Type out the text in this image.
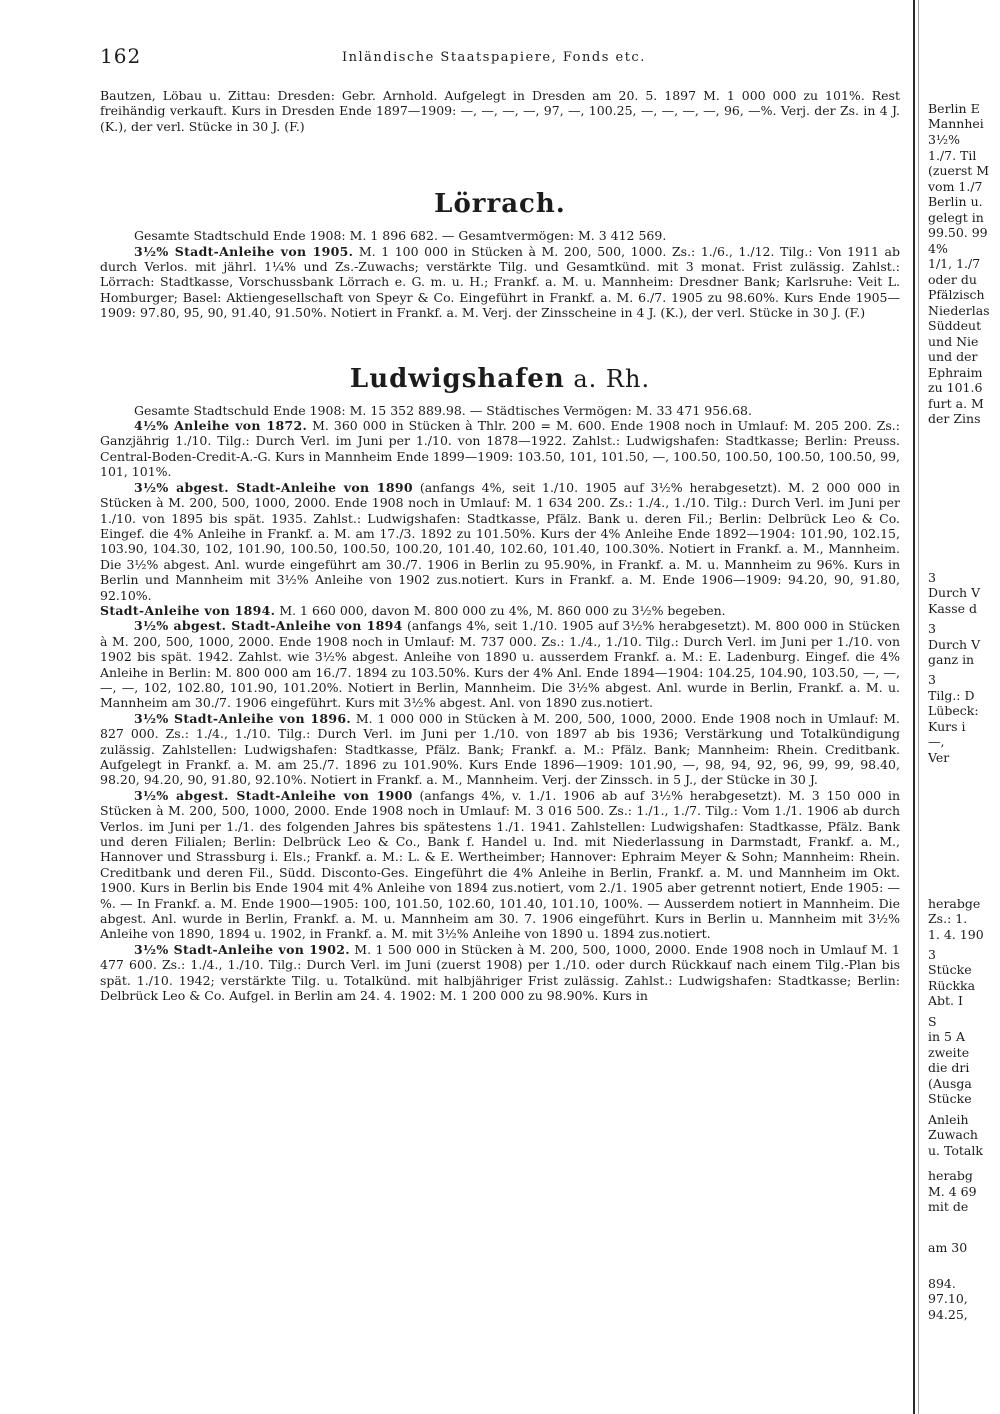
162	Inländische Staatspapiere, Fonds etc.

Bautzen, Löbau u. Zittau: Dresden: Gebr. Arnhold. Aufgelegt in Dresden am 20. 5. 1897 M. 1 000 000 zu 101%. Rest freihändig verkauft. Kurs in Dresden Ende 1897—1909: —, —, —, —, 97, —, 100.25, —, —, —, —, 96, —%. Verj. der Zs. in 4 J. (K.), der verl. Stücke in 30 J. (F.)

Lörrach.

Gesamte Stadtschuld Ende 1908: M. 1 896 682. — Gesamtvermögen: M. 3 412 569.

3½% Stadt-Anleihe von 1905. M. 1 100 000 in Stücken à M. 200, 500, 1000. Zs.: 1./6., 1./12. Tilg.: Von 1911 ab durch Verlos. mit jährl. 1¼% und Zs.-Zuwachs; verstärkte Tilg. und Gesamtkünd. mit 3 monat. Frist zulässig. Zahlst.: Lörrach: Stadtkasse, Vorschussbank Lörrach e. G. m. u. H.; Frankf. a. M. u. Mannheim: Dresdner Bank; Karlsruhe: Veit L. Homburger; Basel: Aktiengesellschaft von Speyr & Co. Eingeführt in Frankf. a. M. 6./7. 1905 zu 98.60%. Kurs Ende 1905—1909: 97.80, 95, 90, 91.40, 91.50%. Notiert in Frankf. a. M. Verj. der Zinsscheine in 4 J. (K.), der verl. Stücke in 30 J. (F.)

Ludwigshafen a. Rh.

Gesamte Stadtschuld Ende 1908: M. 15 352 889.98. — Städtisches Vermögen: M. 33 471 956.68.

4½% Anleihe von 1872. M. 360 000 in Stücken à Thlr. 200 = M. 600. Ende 1908 noch in Umlauf: M. 205 200. Zs.: Ganzjährig 1./10. Tilg.: Durch Verl. im Juni per 1./10. von 1878—1922. Zahlst.: Ludwigshafen: Stadtkasse; Berlin: Preuss. Central-Boden-Credit-A.-G. Kurs in Mannheim Ende 1899—1909: 103.50, 101, 101.50, —, 100.50, 100.50, 100.50, 100.50, 99, 101, 101%.

3½% abgest. Stadt-Anleihe von 1890 (anfangs 4%, seit 1./10. 1905 auf 3½% herabgesetzt). M. 2 000 000 in Stücken à M. 200, 500, 1000, 2000. Ende 1908 noch in Umlauf: M. 1 634 200. Zs.: 1./4., 1./10. Tilg.: Durch Verl. im Juni per 1./10. von 1895 bis spät. 1935. Zahlst.: Ludwigshafen: Stadtkasse, Pfälz. Bank u. deren Fil.; Berlin: Delbrück Leo & Co. Eingef. die 4% Anleihe in Frankf. a. M. am 17./3. 1892 zu 101.50%. Kurs der 4% Anleihe Ende 1892—1904: 101.90, 102.15, 103.90, 104.30, 102, 101.90, 100.50, 100.50, 100.20, 101.40, 102.60, 101.40, 100.30%. Notiert in Frankf. a. M., Mannheim. Die 3½% abgest. Anl. wurde eingeführt am 30./7. 1906 in Berlin zu 95.90%, in Frankf. a. M. u. Mannheim zu 96%. Kurs in Berlin und Mannheim mit 3½% Anleihe von 1902 zus.notiert. Kurs in Frankf. a. M. Ende 1906—1909: 94.20, 90, 91.80, 92.10%.

Stadt-Anleihe von 1894. M. 1 660 000, davon M. 800 000 zu 4%, M. 860 000 zu 3½% begeben.

3½% abgest. Stadt-Anleihe von 1894 (anfangs 4%, seit 1./10. 1905 auf 3½% herabgesetzt). M. 800 000 in Stücken à M. 200, 500, 1000, 2000. Ende 1908 noch in Umlauf: M. 737 000. Zs.: 1./4., 1./10. Tilg.: Durch Verl. im Juni per 1./10. von 1902 bis spät. 1942. Zahlst. wie 3½% abgest. Anleihe von 1890 u. ausserdem Frankf. a. M.: E. Ladenburg. Eingef. die 4% Anleihe in Berlin: M. 800 000 am 16./7. 1894 zu 103.50%. Kurs der 4% Anl. Ende 1894—1904: 104.25, 104.90, 103.50, —, —, —, —, 102, 102.80, 101.90, 101.20%. Notiert in Berlin, Mannheim. Die 3½% abgest. Anl. wurde in Berlin, Frankf. a. M. u. Mannheim am 30./7. 1906 eingeführt. Kurs mit 3½% abgest. Anl. von 1890 zus.notiert.

3½% Stadt-Anleihe von 1896. M. 1 000 000 in Stücken à M. 200, 500, 1000, 2000. Ende 1908 noch in Umlauf: M. 827 000. Zs.: 1./4., 1./10. Tilg.: Durch Verl. im Juni per 1./10. von 1897 ab bis 1936; Verstärkung und Totalkündigung zulässig. Zahlstellen: Ludwigshafen: Stadtkasse, Pfälz. Bank; Frankf. a. M.: Pfälz. Bank; Mannheim: Rhein. Creditbank. Aufgelegt in Frankf. a. M. am 25./7. 1896 zu 101.90%. Kurs Ende 1896—1909: 101.90, —, 98, 94, 92, 96, 99, 99, 98.40, 98.20, 94.20, 90, 91.80, 92.10%. Notiert in Frankf. a. M., Mannheim. Verj. der Zinssch. in 5 J., der Stücke in 30 J.

3½% abgest. Stadt-Anleihe von 1900 (anfangs 4%, v. 1./1. 1906 ab auf 3½% herabgesetzt). M. 3 150 000 in Stücken à M. 200, 500, 1000, 2000. Ende 1908 noch in Umlauf: M. 3 016 500. Zs.: 1./1., 1./7. Tilg.: Vom 1./1. 1906 ab durch Verlos. im Juni per 1./1. des folgenden Jahres bis spätestens 1./1. 1941. Zahlstellen: Ludwigshafen: Stadtkasse, Pfälz. Bank und deren Filialen; Berlin: Delbrück Leo & Co., Bank f. Handel u. Ind. mit Niederlassung in Darmstadt, Frankf. a. M., Hannover und Strassburg i. Els.; Frankf. a. M.: L. & E. Wertheimber; Hannover: Ephraim Meyer & Sohn; Mannheim: Rhein. Creditbank und deren Fil., Südd. Disconto-Ges. Eingeführt die 4% Anleihe in Berlin, Frankf. a. M. und Mannheim im Okt. 1900. Kurs in Berlin bis Ende 1904 mit 4% Anleihe von 1894 zus.notiert, vom 2./1. 1905 aber getrennt notiert, Ende 1905: — %. — In Frankf. a. M. Ende 1900—1905: 100, 101.50, 102.60, 101.40, 101.10, 100%. — Ausserdem notiert in Mannheim. Die abgest. Anl. wurde in Berlin, Frankf. a. M. u. Mannheim am 30. 7. 1906 eingeführt. Kurs in Berlin u. Mannheim mit 3½% Anleihe von 1890, 1894 u. 1902, in Frankf. a. M. mit 3½% Anleihe von 1890 u. 1894 zus.notiert.

3½% Stadt-Anleihe von 1902. M. 1 500 000 in Stücken à M. 200, 500, 1000, 2000. Ende 1908 noch in Umlauf M. 1 477 600. Zs.: 1./4., 1./10. Tilg.: Durch Verl. im Juni (zuerst 1908) per 1./10. oder durch Rückkauf nach einem Tilg.-Plan bis spät. 1./10. 1942; verstärkte Tilg. u. Totalkünd. mit halbjähriger Frist zulässig. Zahlst.: Ludwigshafen: Stadtkasse; Berlin: Delbrück Leo & Co. Aufgel. in Berlin am 24. 4. 1902: M. 1 200 000 zu 98.90%. Kurs in

Berlin E
Mannhei
3½%
1./7. Til
(zuerst M
vom 1./7
Berlin u.
gelegt in
99.50. 99
4%
1/1, 1./7
oder du
Pfälzisch
Niederlas
Süddeut
und Nie
und der
Ephraim
zu 101.6
furt a. M
der Zins
3
Durch V
Kasse d
3
Durch V
ganz in
3
Tilg.: D
Lübeck:
Kurs i
—,
Ver
herabge
Zs.: 1.
1. 4. 190
3
Stücke
Rückka
Abt. I
S
in 5 A
zweite
die dri
(Ausga
Stücke
Anleih
Zuwach
u. Totalk
herabg
M. 4 69
mit de
am 30
894.
97.10,
94.25,
